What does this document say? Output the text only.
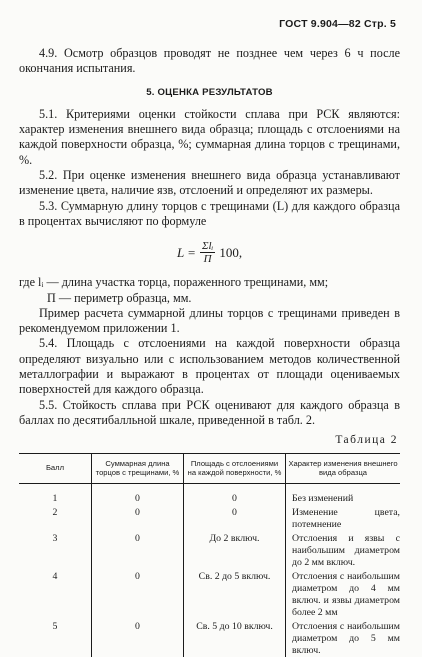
ГОСТ 9.904—82 Стр. 5
4.9. Осмотр образцов проводят не позднее чем через 6 ч после окончания испытания.
5. ОЦЕНКА РЕЗУЛЬТАТОВ
5.1. Критериями оценки стойкости сплава при РСК являются: характер изменения внешнего вида образца; площадь с отслоениями на каждой поверхности образца, %; суммарная длина торцов с трещинами, %.
5.2. При оценке изменения внешнего вида образца устанавливают изменение цвета, наличие язв, отслоений и определяют их размеры.
5.3. Суммарную длину торцов с трещинами (L) для каждого образца в процентах вычисляют по формуле
$L = \frac{\text{Σlᵢ}}{П} 100$,
где lᵢ — длина участка торца, пораженного трещинами, мм;
П — периметр образца, мм.
Пример расчета суммарной длины торцов с трещинами приведен в рекомендуемом приложении 1.
5.4. Площадь с отслоениями на каждой поверхности образца определяют визуально или с использованием методов количественной металлографии и выражают в процентах от площади оцениваемых поверхностей для каждого образца.
5.5. Стойкость сплава при РСК оценивают для каждого образца в баллах по десятибалльной шкале, приведенной в табл. 2.
Таблица 2
Балл	Суммарная длина торцов с трещинами, %	Площадь с отслоениями на каждой поверхности, %	Характер изменения внешнего вида образца
1	0	0	Без изменений
2	0	0	Изменение цвета, потемнение
3	0	До 2 включ.	Отслоения и язвы с наибольшим диаметром до 2 мм включ.
4	0	Св. 2 до 5 включ.	Отслоения с наибольшим диаметром до 4 мм включ. и язвы диаметром более 2 мм
5	0	Св. 5 до 10 включ.	Отслоения с наибольшим диаметром до 5 мм включ.
